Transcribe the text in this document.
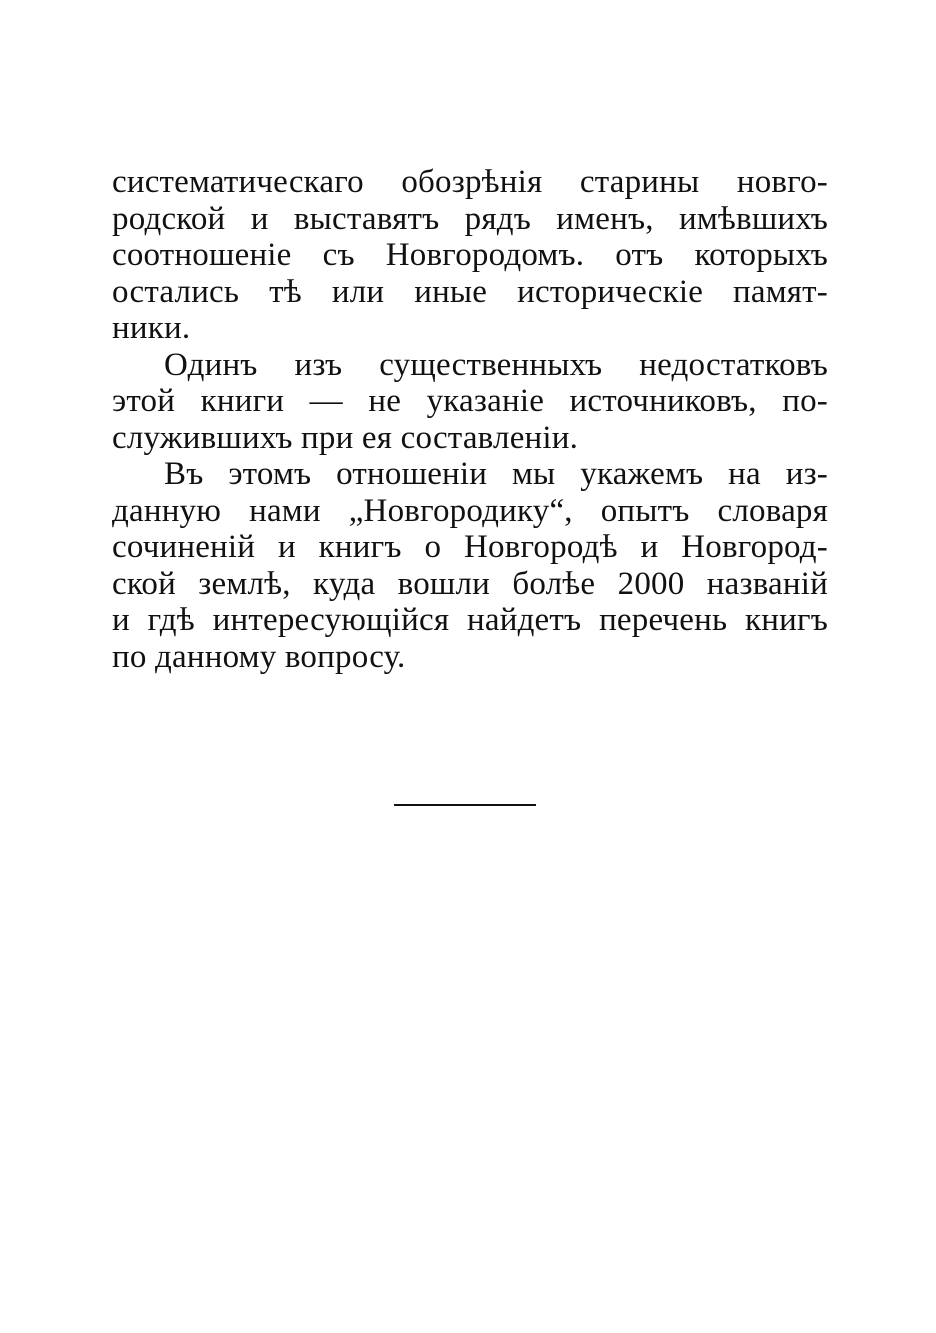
систематическаго обозрѣнія старины новго-
родской и выставятъ рядъ именъ, имѣвшихъ
соотношеніе съ Новгородомъ. отъ которыхъ
остались тѣ или иные историческіе памят-
ники.
Одинъ изъ существенныхъ недостатковъ
этой книги — не указаніе источниковъ, по-
служившихъ при ея составленіи.
Въ этомъ отношеніи мы укажемъ на из-
данную нами „Новгородику“, опытъ словаря
сочиненій и книгъ о Новгородѣ и Новгород-
ской землѣ, куда вошли болѣе 2000 названій
и гдѣ интересующійся найдетъ перечень книгъ
по данному вопросу.
